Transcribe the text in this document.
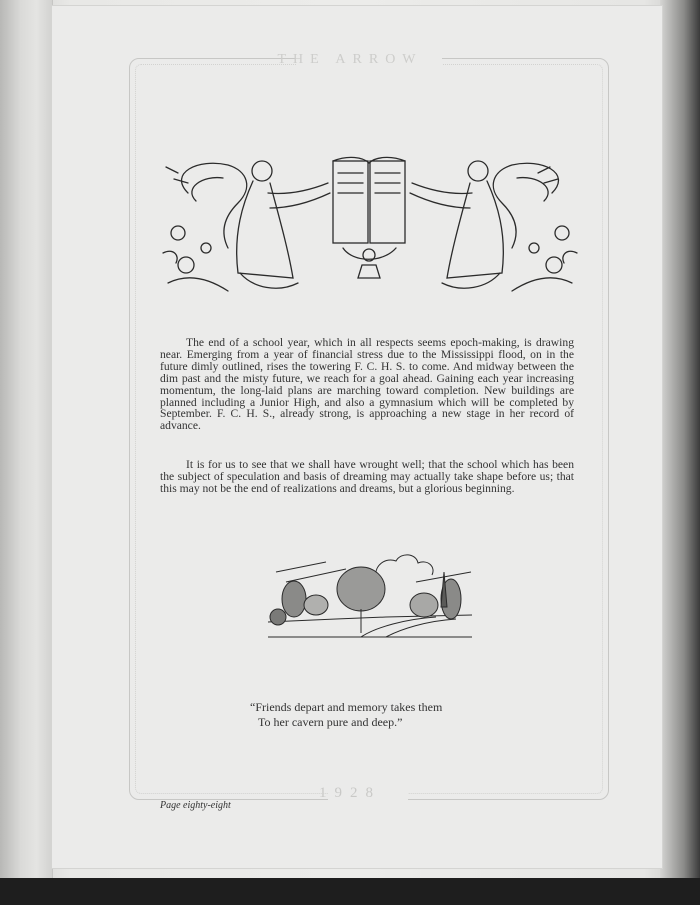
THE ARROW

The end of a school year, which in all respects seems epoch-making, is drawing near. Emerging from a year of financial stress due to the Mississippi flood, on in the future dimly outlined, rises the towering F. C. H. S. to come. And midway between the dim past and the misty future, we reach for a goal ahead. Gaining each year increasing momentum, the long-laid plans are marching toward completion. New buildings are planned including a Junior High, and also a gymnasium which will be completed by September. F. C. H. S., already strong, is approaching a new stage in her record of advance.

It is for us to see that we shall have wrought well; that the school which has been the subject of speculation and basis of dreaming may actually take shape before us; that this may not be the end of realizations and dreams, but a glorious beginning.

“Friends depart and memory takes them
To her cavern pure and deep.”
1928
Page eighty-eight
